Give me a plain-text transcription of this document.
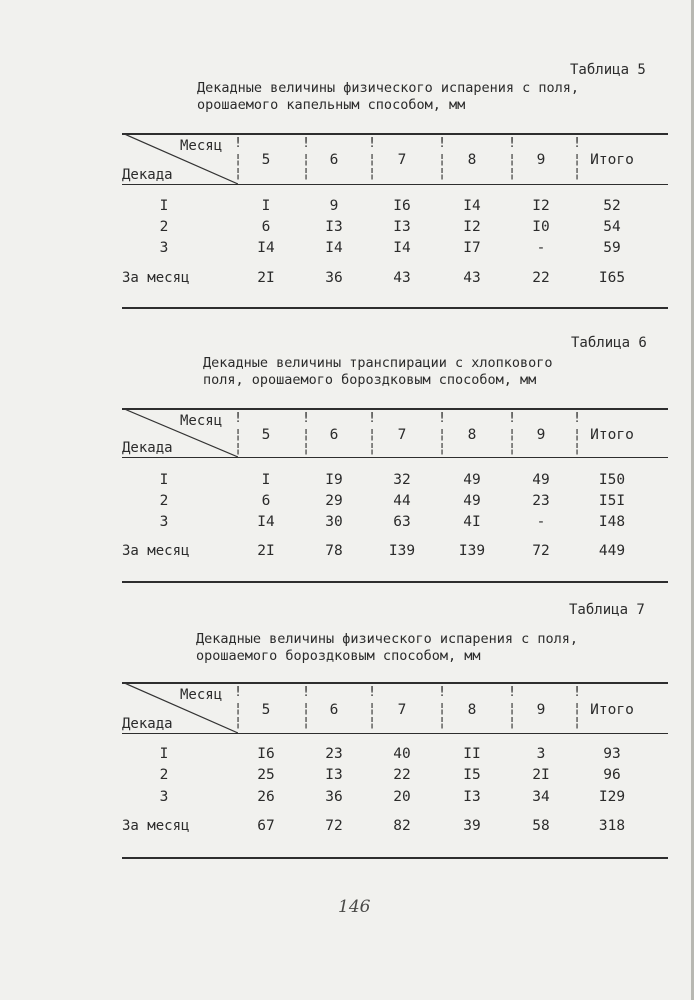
Таблица 5
Декадные величины физического испарения с поля,
орошаемого капельным способом, мм
Месяц
Декада
!
¦
¦
!
¦
¦
!
¦
¦
!
¦
¦
!
¦
¦
!
¦
¦
5	6	7	8	9	Итого
I	I	9	I6	I4	I2	52
2	6	I3	I3	I2	I0	54
3	I4	I4	I4	I7	-	59
За месяц	2I	36	43	43	22	I65
Таблица 6
Декадные величины транспирации с хлопкового
поля, орошаемого бороздковым способом, мм
Месяц
Декада
!
¦
¦
!
¦
¦
!
¦
¦
!
¦
¦
!
¦
¦
!
¦
¦
5	6	7	8	9	Итого
I	I	I9	32	49	49	I50
2	6	29	44	49	23	I5I
3	I4	30	63	4I	-	I48
За месяц	2I	78	I39	I39	72	449
Таблица 7
Декадные величины физического испарения с поля,
орошаемого бороздковым способом, мм
Месяц
Декада
!
¦
¦
!
¦
¦
!
¦
¦
!
¦
¦
!
¦
¦
!
¦
¦
5	6	7	8	9	Итого
I	I6	23	40	II	3	93
2	25	I3	22	I5	2I	96
3	26	36	20	I3	34	I29
За месяц	67	72	82	39	58	318
146
